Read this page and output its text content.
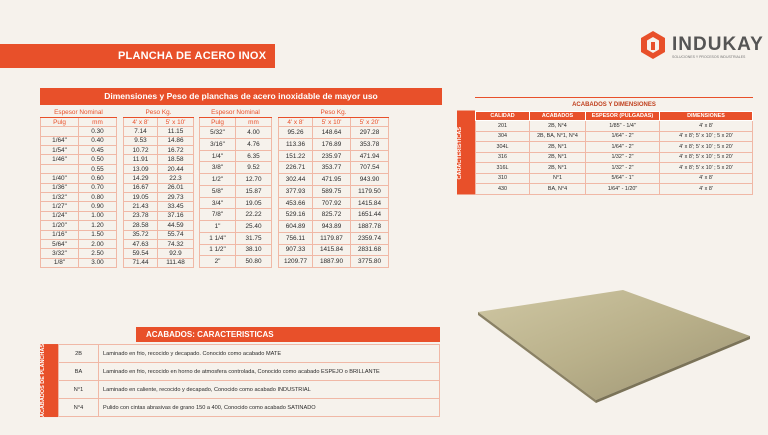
PLANCHA DE ACERO INOX
INDUKAY
SOLUCIONES Y PROCESOS INDUSTRIALES
Dimensiones y Peso de planchas de acero inoxidable de mayor uso
Espesor Nominal			Peso Kg.	
Pulg	mm		4' x 8'	5' x 10'
	0.30		7.14	11.15
1/64"	0.40		9.53	14.86
1/54"	0.45		10.72	16.72
1/46"	0.50		11.91	18.58
	0.55		13.09	20.44
1/40"	0.60		14.29	22.3
1/36"	0.70		16.67	26.01
1/32"	0.80		19.05	29.73
1/27"	0.90		21.43	33.45
1/24"	1.00		23.78	37.16
1/20"	1.20		28.58	44.59
1/16"	1.50		35.72	55.74
5/64"	2.00		47.63	74.32
3/32"	2.50		59.54	92.9
1/8"	3.00		71.44	111.48
Espesor Nominal			Peso Kg.		
Pulg	mm		4' x 8'	5' x 10'	5' x 20'
5/32"	4.00		95.26	148.64	297.28
3/16"	4.76		113.36	176.89	353.78
1/4"	6.35		151.22	235.97	471.94
3/8"	9.52		226.71	353.77	707.54
1/2"	12.70		302.44	471.95	943.90
5/8"	15.87		377.93	589.75	1179.50
3/4"	19.05		453.66	707.92	1415.84
7/8"	22.22		529.16	825.72	1651.44
1"	25.40		604.89	943.89	1887.78
1 1/4"	31.75		756.11	1179.87	2359.74
1 1/2"	38.10		907.33	1415.84	2831.68
2"	50.80		1209.77	1887.90	3775.80
ACABADOS Y DIMENSIONES
CARACTERISTICAS
CALIDAD	ACABADOS	ESPESOR (PULGADAS)	DIMENSIONES
201	2B, N°4	1/85" - 1/4"	4' x 8'
304	2B, BA, N°1, N°4	1/64" - 2"	4' x 8'; 5' x 10' ; 5 x 20'
304L	2B, N°1	1/64" - 2"	4' x 8'; 5' x 10' ; 5 x 20'
316	2B, N°1	1/32" - 2"	4' x 8'; 5' x 10' ; 5 x 20'
316L	2B, N°1	1/32" - 2"	4' x 8'; 5' x 10' ; 5 x 20'
310	N°1	5/64" - 1"	4' x 8'
430	BA, N°4	1/64" - 1/20"	4' x 8'
ACABADOS: CARACTERISTICAS
ACABADOS DE PLANCHAS	2B	Laminado en frio, recocido y decapado. Conocido como acabado MATE
BA	Laminado en frio, recocido en horno de atmosfera controlada, Conocido como acabado ESPEJO o BRILLANTE
N°1	Laminado en caliente, recocido y decapado, Conocido como acabado INDUSTRIAL
N°4	Pulido con cintas abrasivas de grano 150 a 400, Conocido como acabado SATINADO
